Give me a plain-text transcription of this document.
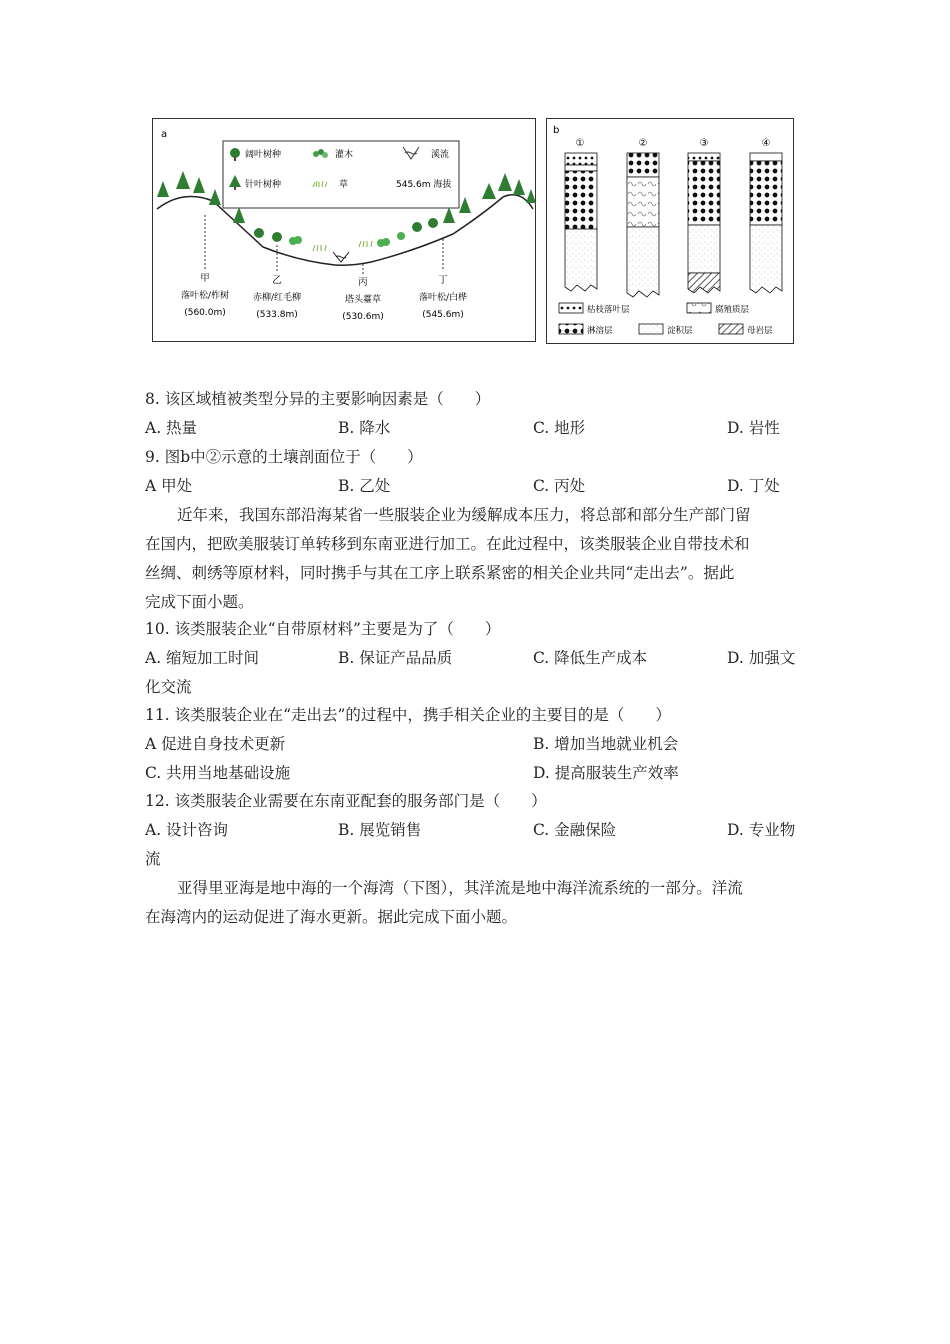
a
阔叶树种	灌木	溪流
针叶树种	草	545.6m 海拔
甲
落叶松/柞树
(560.0m)
乙
赤柳/红毛柳
(533.8m)
丙
塔头薹草
(530.6m)
丁
落叶松/白桦
(545.6m)
b
①	②	③	④
枯枝落叶层	腐殖质层
淋溶层	淀积层	母岩层
8. 该区域植被类型分异的主要影响因素是（　　）
A. 热量	B. 降水	C. 地形	D. 岩性
9. 图b中②示意的土壤剖面位于（　　）
A 甲处	B. 乙处	C. 丙处	D. 丁处
近年来，我国东部沿海某省一些服装企业为缓解成本压力，将总部和部分生产部门留
在国内，把欧美服装订单转移到东南亚进行加工。在此过程中，该类服装企业自带技术和
丝绸、刺绣等原材料，同时携手与其在工序上联系紧密的相关企业共同“走出去”。据此
完成下面小题。
10. 该类服装企业“自带原材料”主要是为了（　　）
A. 缩短加工时间	B. 保证产品品质	C. 降低生产成本	D. 加强文
化交流
11. 该类服装企业在“走出去”的过程中，携手相关企业的主要目的是（　　）
A 促进自身技术更新	B. 增加当地就业机会
C. 共用当地基础设施	D. 提高服装生产效率
12. 该类服装企业需要在东南亚配套的服务部门是（　　）
A. 设计咨询	B. 展览销售	C. 金融保险	D. 专业物
流
亚得里亚海是地中海的一个海湾（下图），其洋流是地中海洋流系统的一部分。洋流
在海湾内的运动促进了海水更新。据此完成下面小题。
